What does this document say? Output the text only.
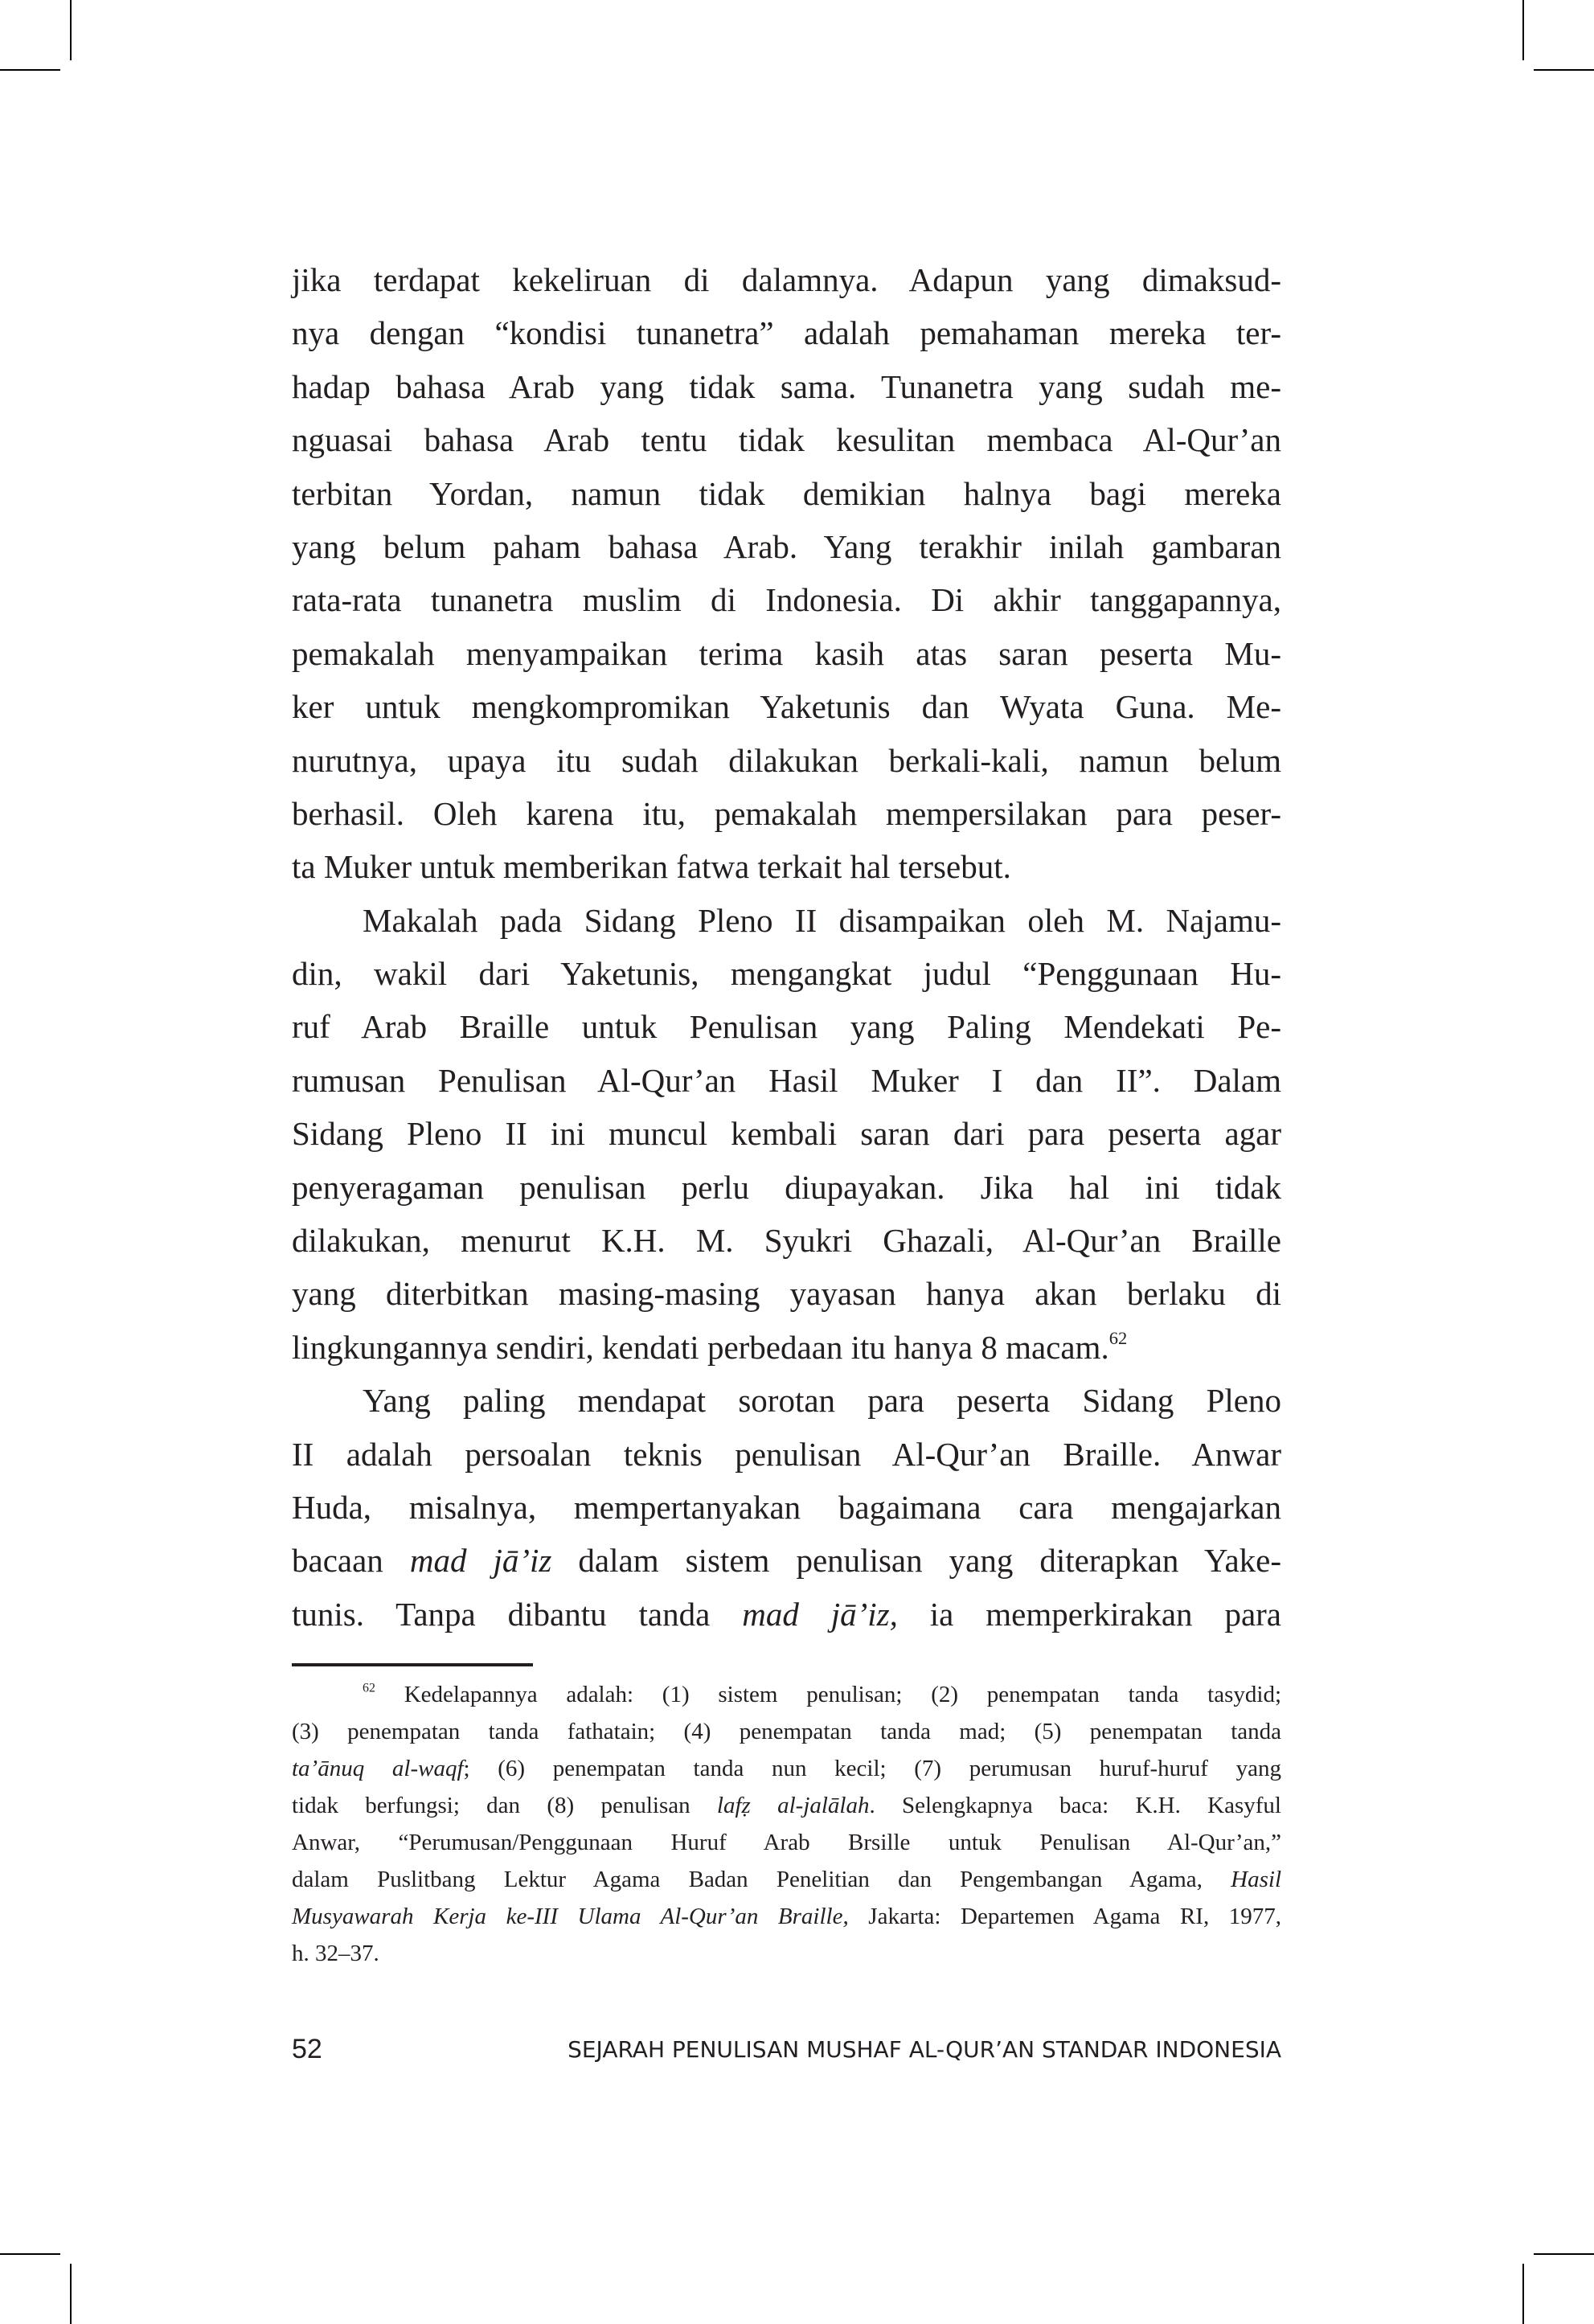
jika terdapat kekeliruan di dalamnya. Adapun yang dimaksud-
nya dengan “kondisi tunanetra” adalah pemahaman mereka ter-
hadap bahasa Arab yang tidak sama. Tunanetra yang sudah me-
nguasai bahasa Arab tentu tidak kesulitan membaca Al-Qur’an
terbitan Yordan, namun tidak demikian halnya bagi mereka
yang belum paham bahasa Arab. Yang terakhir inilah gambaran
rata-rata tunanetra muslim di Indonesia. Di akhir tanggapannya,
pemakalah menyampaikan terima kasih atas saran peserta Mu-
ker untuk mengkompromikan Yaketunis dan Wyata Guna. Me-
nurutnya, upaya itu sudah dilakukan berkali-kali, namun belum
berhasil. Oleh karena itu, pemakalah mempersilakan para peser-
ta Muker untuk memberikan fatwa terkait hal tersebut.
Makalah pada Sidang Pleno II disampaikan oleh M. Najamu-
din, wakil dari Yaketunis, mengangkat judul “Penggunaan Hu-
ruf Arab Braille untuk Penulisan yang Paling Mendekati Pe-
rumusan Penulisan Al-Qur’an Hasil Muker I dan II”. Dalam
Sidang Pleno II ini muncul kembali saran dari para peserta agar
penyeragaman penulisan perlu diupayakan. Jika hal ini tidak
dilakukan, menurut K.H. M. Syukri Ghazali, Al-Qur’an Braille
yang diterbitkan masing-masing yayasan hanya akan berlaku di
lingkungannya sendiri, kendati perbedaan itu hanya 8 macam.$^{62}$
Yang paling mendapat sorotan para peserta Sidang Pleno
II adalah persoalan teknis penulisan Al-Qur’an Braille. Anwar
Huda, misalnya, mempertanyakan bagaimana cara mengajarkan
bacaan mad jā’iz dalam sistem penulisan yang diterapkan Yake-
tunis. Tanpa dibantu tanda mad jā’iz, ia memperkirakan para
$^{62}$ Kedelapannya adalah: (1) sistem penulisan; (2) penempatan tanda tasydid;
(3) penempatan tanda fathatain; (4) penempatan tanda mad; (5) penempatan tanda
ta’ānuq al-waqf; (6) penempatan tanda nun kecil; (7) perumusan huruf-huruf yang
tidak berfungsi; dan (8) penulisan lafẓ al-jalālah. Selengkapnya baca: K.H. Kasyful
Anwar, “Perumusan/Penggunaan Huruf Arab Brsille untuk Penulisan Al-Qur’an,”
dalam Puslitbang Lektur Agama Badan Penelitian dan Pengembangan Agama, Hasil
Musyawarah Kerja ke-III Ulama Al-Qur’an Braille, Jakarta: Departemen Agama RI, 1977,
h. 32–37.
52	SEJARAH PENULISAN MUSHAF AL-QUR’AN STANDAR INDONESIA
